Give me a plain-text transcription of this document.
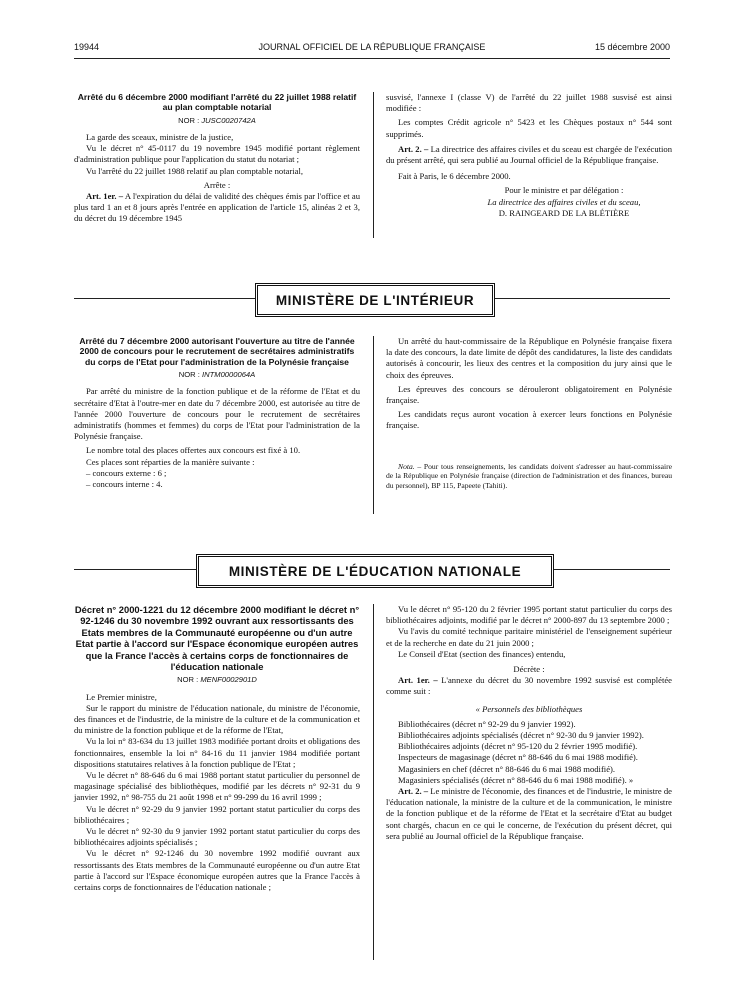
19944	JOURNAL OFFICIEL DE LA RÉPUBLIQUE FRANÇAISE	15 décembre 2000
Arrêté du 6 décembre 2000 modifiant l'arrêté du 22 juillet 1988 relatif au plan comptable notarial
NOR : JUSC0020742A

La garde des sceaux, ministre de la justice,

Vu le décret n° 45-0117 du 19 novembre 1945 modifié portant règlement d'administration publique pour l'application du statut du notariat ;

Vu l'arrêté du 22 juillet 1988 relatif au plan comptable notarial,

Arrête :

Art. 1er. – A l'expiration du délai de validité des chèques émis par l'office et au plus tard 1 an et 8 jours après l'entrée en application de l'article 15, alinéas 2 et 3, du décret du 19 décembre 1945

susvisé, l'annexe I (classe V) de l'arrêté du 22 juillet 1988 susvisé est ainsi modifiée :

Les comptes Crédit agricole n° 5423 et les Chèques postaux n° 544 sont supprimés.

Art. 2. – La directrice des affaires civiles et du sceau est chargée de l'exécution du présent arrêté, qui sera publié au Journal officiel de la République française.

Fait à Paris, le 6 décembre 2000.

Pour le ministre et par délégation :

La directrice des affaires civiles et du sceau,

D. RAINGEARD DE LA BLÉTIÈRE

MINISTÈRE DE L'INTÉRIEUR
Arrêté du 7 décembre 2000 autorisant l'ouverture au titre de l'année 2000 de concours pour le recrutement de secrétaires administratifs du corps de l'Etat pour l'administration de la Polynésie française
NOR : INTM0000064A

Par arrêté du ministre de la fonction publique et de la réforme de l'Etat et du secrétaire d'Etat à l'outre-mer en date du 7 décembre 2000, est autorisée au titre de l'année 2000 l'ouverture de concours pour le recrutement de secrétaires administratifs (hommes et femmes) du corps de l'Etat pour l'administration de la Polynésie française.

Le nombre total des places offertes aux concours est fixé à 10.

Ces places sont réparties de la manière suivante :

– concours externe : 6 ;

– concours interne : 4.

Un arrêté du haut-commissaire de la République en Polynésie française fixera la date des concours, la date limite de dépôt des candidatures, la liste des candidats autorisés à concourir, les lieux des centres et la composition du jury ainsi que le choix des épreuves.

Les épreuves des concours se dérouleront obligatoirement en Polynésie française.

Les candidats reçus auront vocation à exercer leurs fonctions en Polynésie française.

Nota. – Pour tous renseignements, les candidats doivent s'adresser au haut-commissaire de la République en Polynésie française (direction de l'administration et des finances, bureau du personnel), BP 115, Papeete (Tahiti).

MINISTÈRE DE L'ÉDUCATION NATIONALE
Décret n° 2000-1221 du 12 décembre 2000 modifiant le décret n° 92-1246 du 30 novembre 1992 ouvrant aux ressortissants des Etats membres de la Communauté européenne ou d'un autre Etat partie à l'accord sur l'Espace économique européen autres que la France l'accès à certains corps de fonctionnaires de l'éducation nationale
NOR : MENF0002901D

Le Premier ministre,

Sur le rapport du ministre de l'éducation nationale, du ministre de l'économie, des finances et de l'industrie, de la ministre de la culture et de la communication et du ministre de la fonction publique et de la réforme de l'Etat,

Vu la loi n° 83-634 du 13 juillet 1983 modifiée portant droits et obligations des fonctionnaires, ensemble la loi n° 84-16 du 11 janvier 1984 modifiée portant dispositions statutaires relatives à la fonction publique de l'Etat ;

Vu le décret n° 88-646 du 6 mai 1988 portant statut particulier du personnel de magasinage spécialisé des bibliothèques, modifié par les décrets n° 92-31 du 9 janvier 1992, n° 98-755 du 21 août 1998 et n° 99-299 du 16 avril 1999 ;

Vu le décret n° 92-29 du 9 janvier 1992 portant statut particulier du corps des bibliothécaires ;

Vu le décret n° 92-30 du 9 janvier 1992 portant statut particulier du corps des bibliothécaires adjoints spécialisés ;

Vu le décret n° 92-1246 du 30 novembre 1992 modifié ouvrant aux ressortissants des Etats membres de la Communauté européenne ou d'un autre Etat partie à l'accord sur l'Espace économique européen autres que la France l'accès à certains corps de fonctionnaires de l'éducation nationale ;

Vu le décret n° 95-120 du 2 février 1995 portant statut particulier du corps des bibliothécaires adjoints, modifié par le décret n° 2000-897 du 13 septembre 2000 ;

Vu l'avis du comité technique paritaire ministériel de l'enseignement supérieur et de la recherche en date du 21 juin 2000 ;

Le Conseil d'Etat (section des finances) entendu,

Décrète :

Art. 1er. – L'annexe du décret du 30 novembre 1992 susvisé est complétée comme suit :

« Personnels des bibliothèques

Bibliothécaires (décret n° 92-29 du 9 janvier 1992).

Bibliothécaires adjoints spécialisés (décret n° 92-30 du 9 janvier 1992).

Bibliothécaires adjoints (décret n° 95-120 du 2 février 1995 modifié).

Inspecteurs de magasinage (décret n° 88-646 du 6 mai 1988 modifié).

Magasiniers en chef (décret n° 88-646 du 6 mai 1988 modifié).

Magasiniers spécialisés (décret n° 88-646 du 6 mai 1988 modifié). »

Art. 2. – Le ministre de l'économie, des finances et de l'industrie, le ministre de l'éducation nationale, la ministre de la culture et de la communication, le ministre de la fonction publique et de la réforme de l'Etat et la secrétaire d'Etat au budget sont chargés, chacun en ce qui le concerne, de l'exécution du présent décret, qui sera publié au Journal officiel de la République française.
